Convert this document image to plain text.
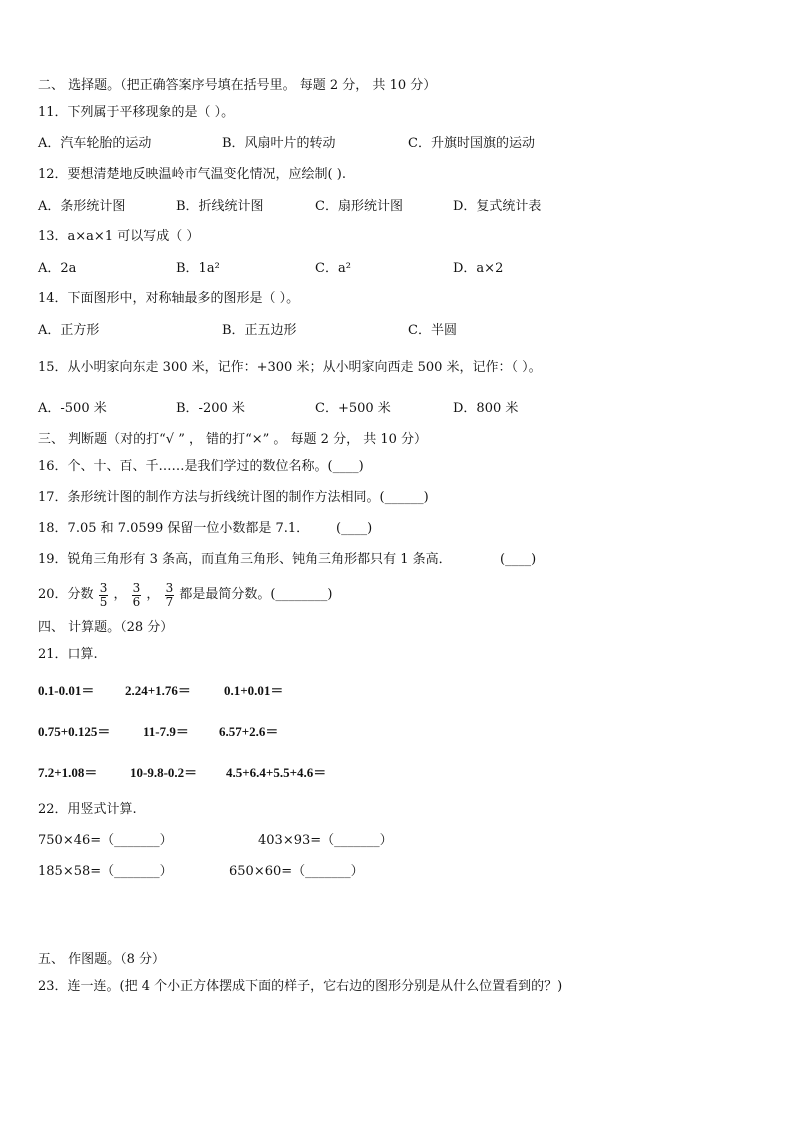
二、 选择题。（把正确答案序号填在括号里。 每题 2 分， 共 10 分）
11．下列属于平移现象的是（ ）。
A．汽车轮胎的运动	B．风扇叶片的转动	C．升旗时国旗的运动
12．要想清楚地反映温岭市气温变化情况，应绘制( ).
A．条形统计图	B．折线统计图	C．扇形统计图	D．复式统计表
13．a×a×1 可以写成（ ）
A．2a	B．1a²	C．a²	D．a×2
14．下面图形中，对称轴最多的图形是（ ）。
A．正方形	B．正五边形	C．半圆
15．从小明家向东走 300 米，记作：+300 米；从小明家向西走 500 米，记作：（ ）。
A．-500 米	B．-200 米	C．+500 米	D．800 米
三、 判断题（对的打“√ ” ， 错的打“×” 。 每题 2 分， 共 10 分）
16．个、十、百、千……是我们学过的数位名称。(____)
17．条形统计图的制作方法与折线统计图的制作方法相同。(______)
18．7.05 和 7.0599 保留一位小数都是 7.1． (____)
19．锐角三角形有 3 条高，而直角三角形、钝角三角形都只有 1 条高．	(____)
20．分数 $\frac{3}{5}$ ， $\frac{3}{6}$ ， $\frac{3}{7}$ 都是最简分数。(________)
四、 计算题。（28 分）
21．口算.
0.1-0.01＝ 2.24+1.76＝	0.1+0.01＝
0.75+0.125＝	11-7.9＝ 6.57+2.6＝
7.2+1.08＝	10-9.8-0.2＝ 4.5+6.4+5.5+4.6＝
22．用竖式计算.
750×46=（_______）	403×93=（_______）
185×58=（_______）	650×60=（_______）
五、 作图题。（8 分）
23．连一连。(把 4 个小正方体摆成下面的样子，它右边的图形分别是从什么位置看到的？)
